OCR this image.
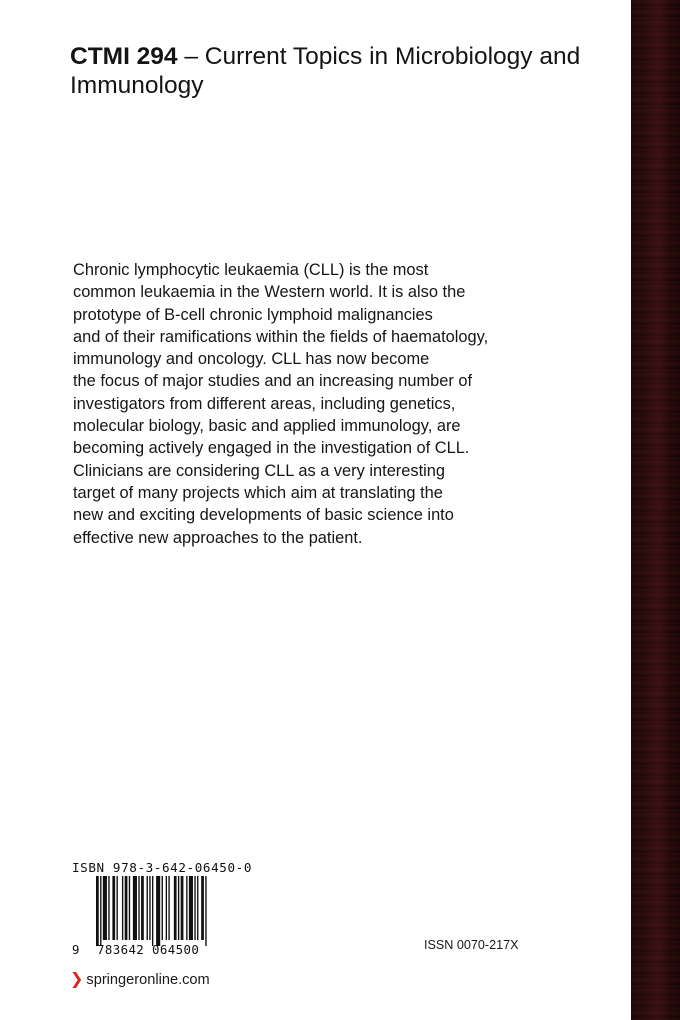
CTMI 294 – Current Topics in Microbiology and Immunology

Chronic lymphocytic leukaemia (CLL) is the most
common leukaemia in the Western world. It is also the
prototype of B-cell chronic lymphoid malignancies
and of their ramifications within the fields of haematology,
immunology and oncology. CLL has now become
the focus of major studies and an increasing number of
investigators from different areas, including genetics,
molecular biology, basic and applied immunology, are
becoming actively engaged in the investigation of CLL.
Clinicians are considering CLL as a very interesting
target of many projects which aim at translating the
new and exciting developments of basic science into
effective new approaches to the patient.

ISBN 978-3-642-06450-0
9 783642 064500	ISSN 0070-217X
❯ springeronline.com
